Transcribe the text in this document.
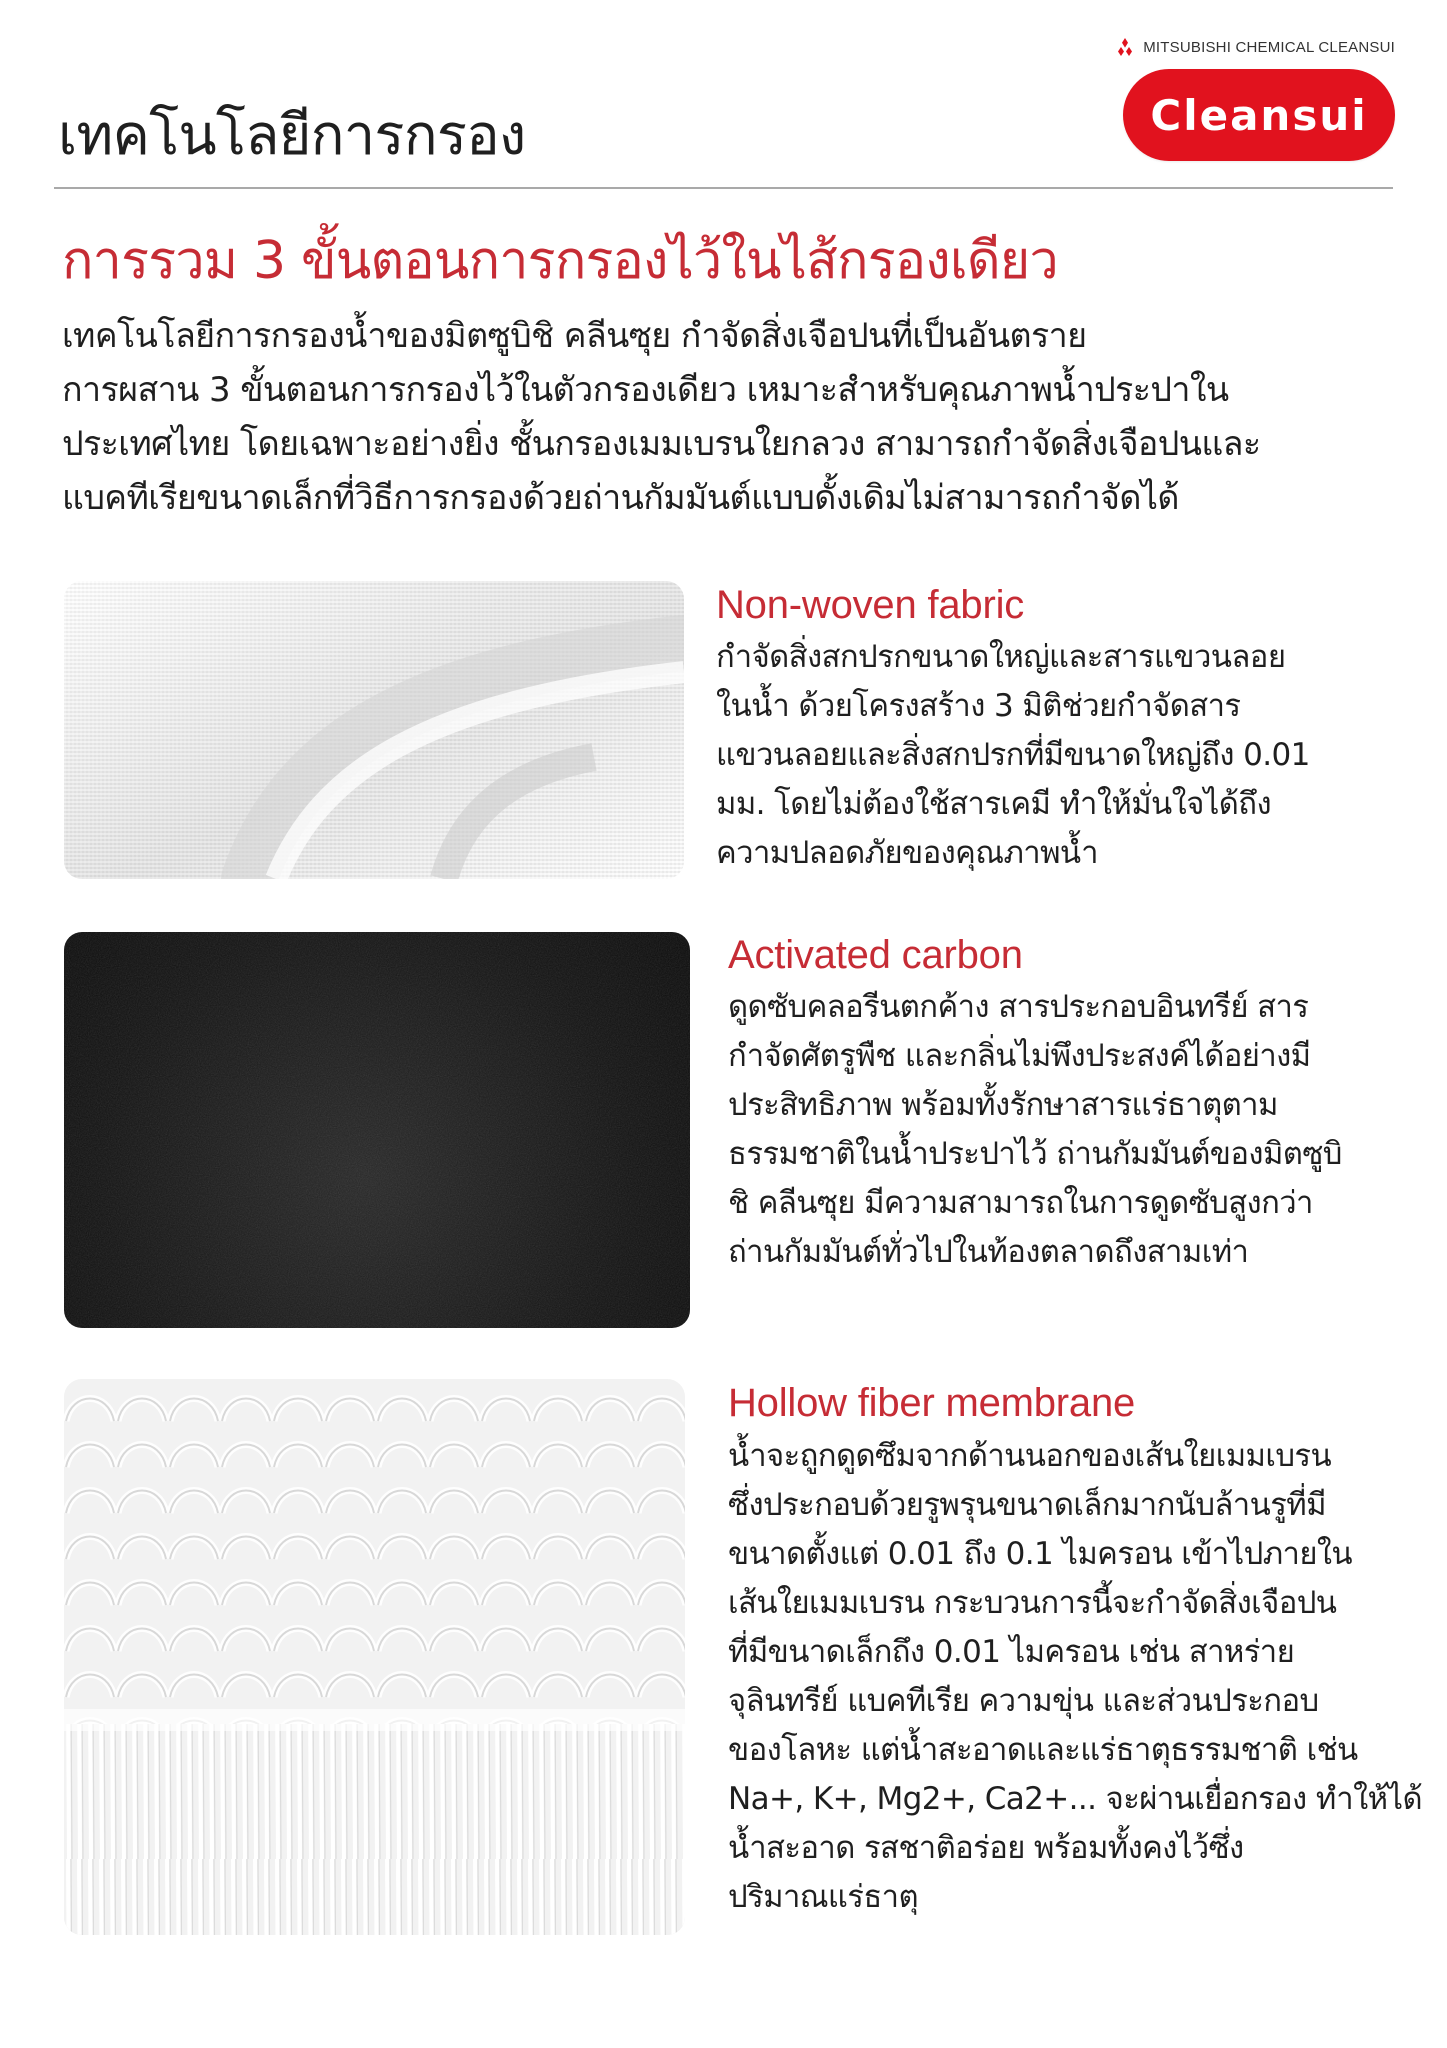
MITSUBISHI CHEMICAL CLEANSUI
Cleansui
เทคโนโลยีการกรอง
การรวม 3 ขั้นตอนการกรองไว้ในไส้กรองเดียว
เทคโนโลยีการกรองน้ำของมิตซูบิชิ คลีนซุย กำจัดสิ่งเจือปนที่เป็นอันตราย
การผสาน 3 ขั้นตอนการกรองไว้ในตัวกรองเดียว เหมาะสำหรับคุณภาพน้ำประปาใน
ประเทศไทย โดยเฉพาะอย่างยิ่ง ชั้นกรองเมมเบรนใยกลวง สามารถกำจัดสิ่งเจือปนและ
แบคทีเรียขนาดเล็กที่วิธีการกรองด้วยถ่านกัมมันต์แบบดั้งเดิมไม่สามารถกำจัดได้
Non-woven fabric
กำจัดสิ่งสกปรกขนาดใหญ่และสารแขวนลอย
ในน้ำ ด้วยโครงสร้าง 3 มิติช่วยกำจัดสาร
แขวนลอยและสิ่งสกปรกที่มีขนาดใหญ่ถึง 0.01
มม. โดยไม่ต้องใช้สารเคมี ทำให้มั่นใจได้ถึง
ความปลอดภัยของคุณภาพน้ำ
Activated carbon
ดูดซับคลอรีนตกค้าง สารประกอบอินทรีย์ สาร
กำจัดศัตรูพืช และกลิ่นไม่พึงประสงค์ได้อย่างมี
ประสิทธิภาพ พร้อมทั้งรักษาสารแร่ธาตุตาม
ธรรมชาติในน้ำประปาไว้ ถ่านกัมมันต์ของมิตซูบิ
ชิ คลีนซุย มีความสามารถในการดูดซับสูงกว่า
ถ่านกัมมันต์ทั่วไปในท้องตลาดถึงสามเท่า
Hollow fiber membrane
น้ำจะถูกดูดซึมจากด้านนอกของเส้นใยเมมเบรน
ซึ่งประกอบด้วยรูพรุนขนาดเล็กมากนับล้านรูที่มี
ขนาดตั้งแต่ 0.01 ถึง 0.1 ไมครอน เข้าไปภายใน
เส้นใยเมมเบรน กระบวนการนี้จะกำจัดสิ่งเจือปน
ที่มีขนาดเล็กถึง 0.01 ไมครอน เช่น สาหร่าย
จุลินทรีย์ แบคทีเรีย ความขุ่น และส่วนประกอบ
ของโลหะ แต่น้ำสะอาดและแร่ธาตุธรรมชาติ เช่น
Na+, K+, Mg2+, Ca2+... จะผ่านเยื่อกรอง ทำให้ได้
น้ำสะอาด รสชาติอร่อย พร้อมทั้งคงไว้ซึ่ง
ปริมาณแร่ธาตุ
